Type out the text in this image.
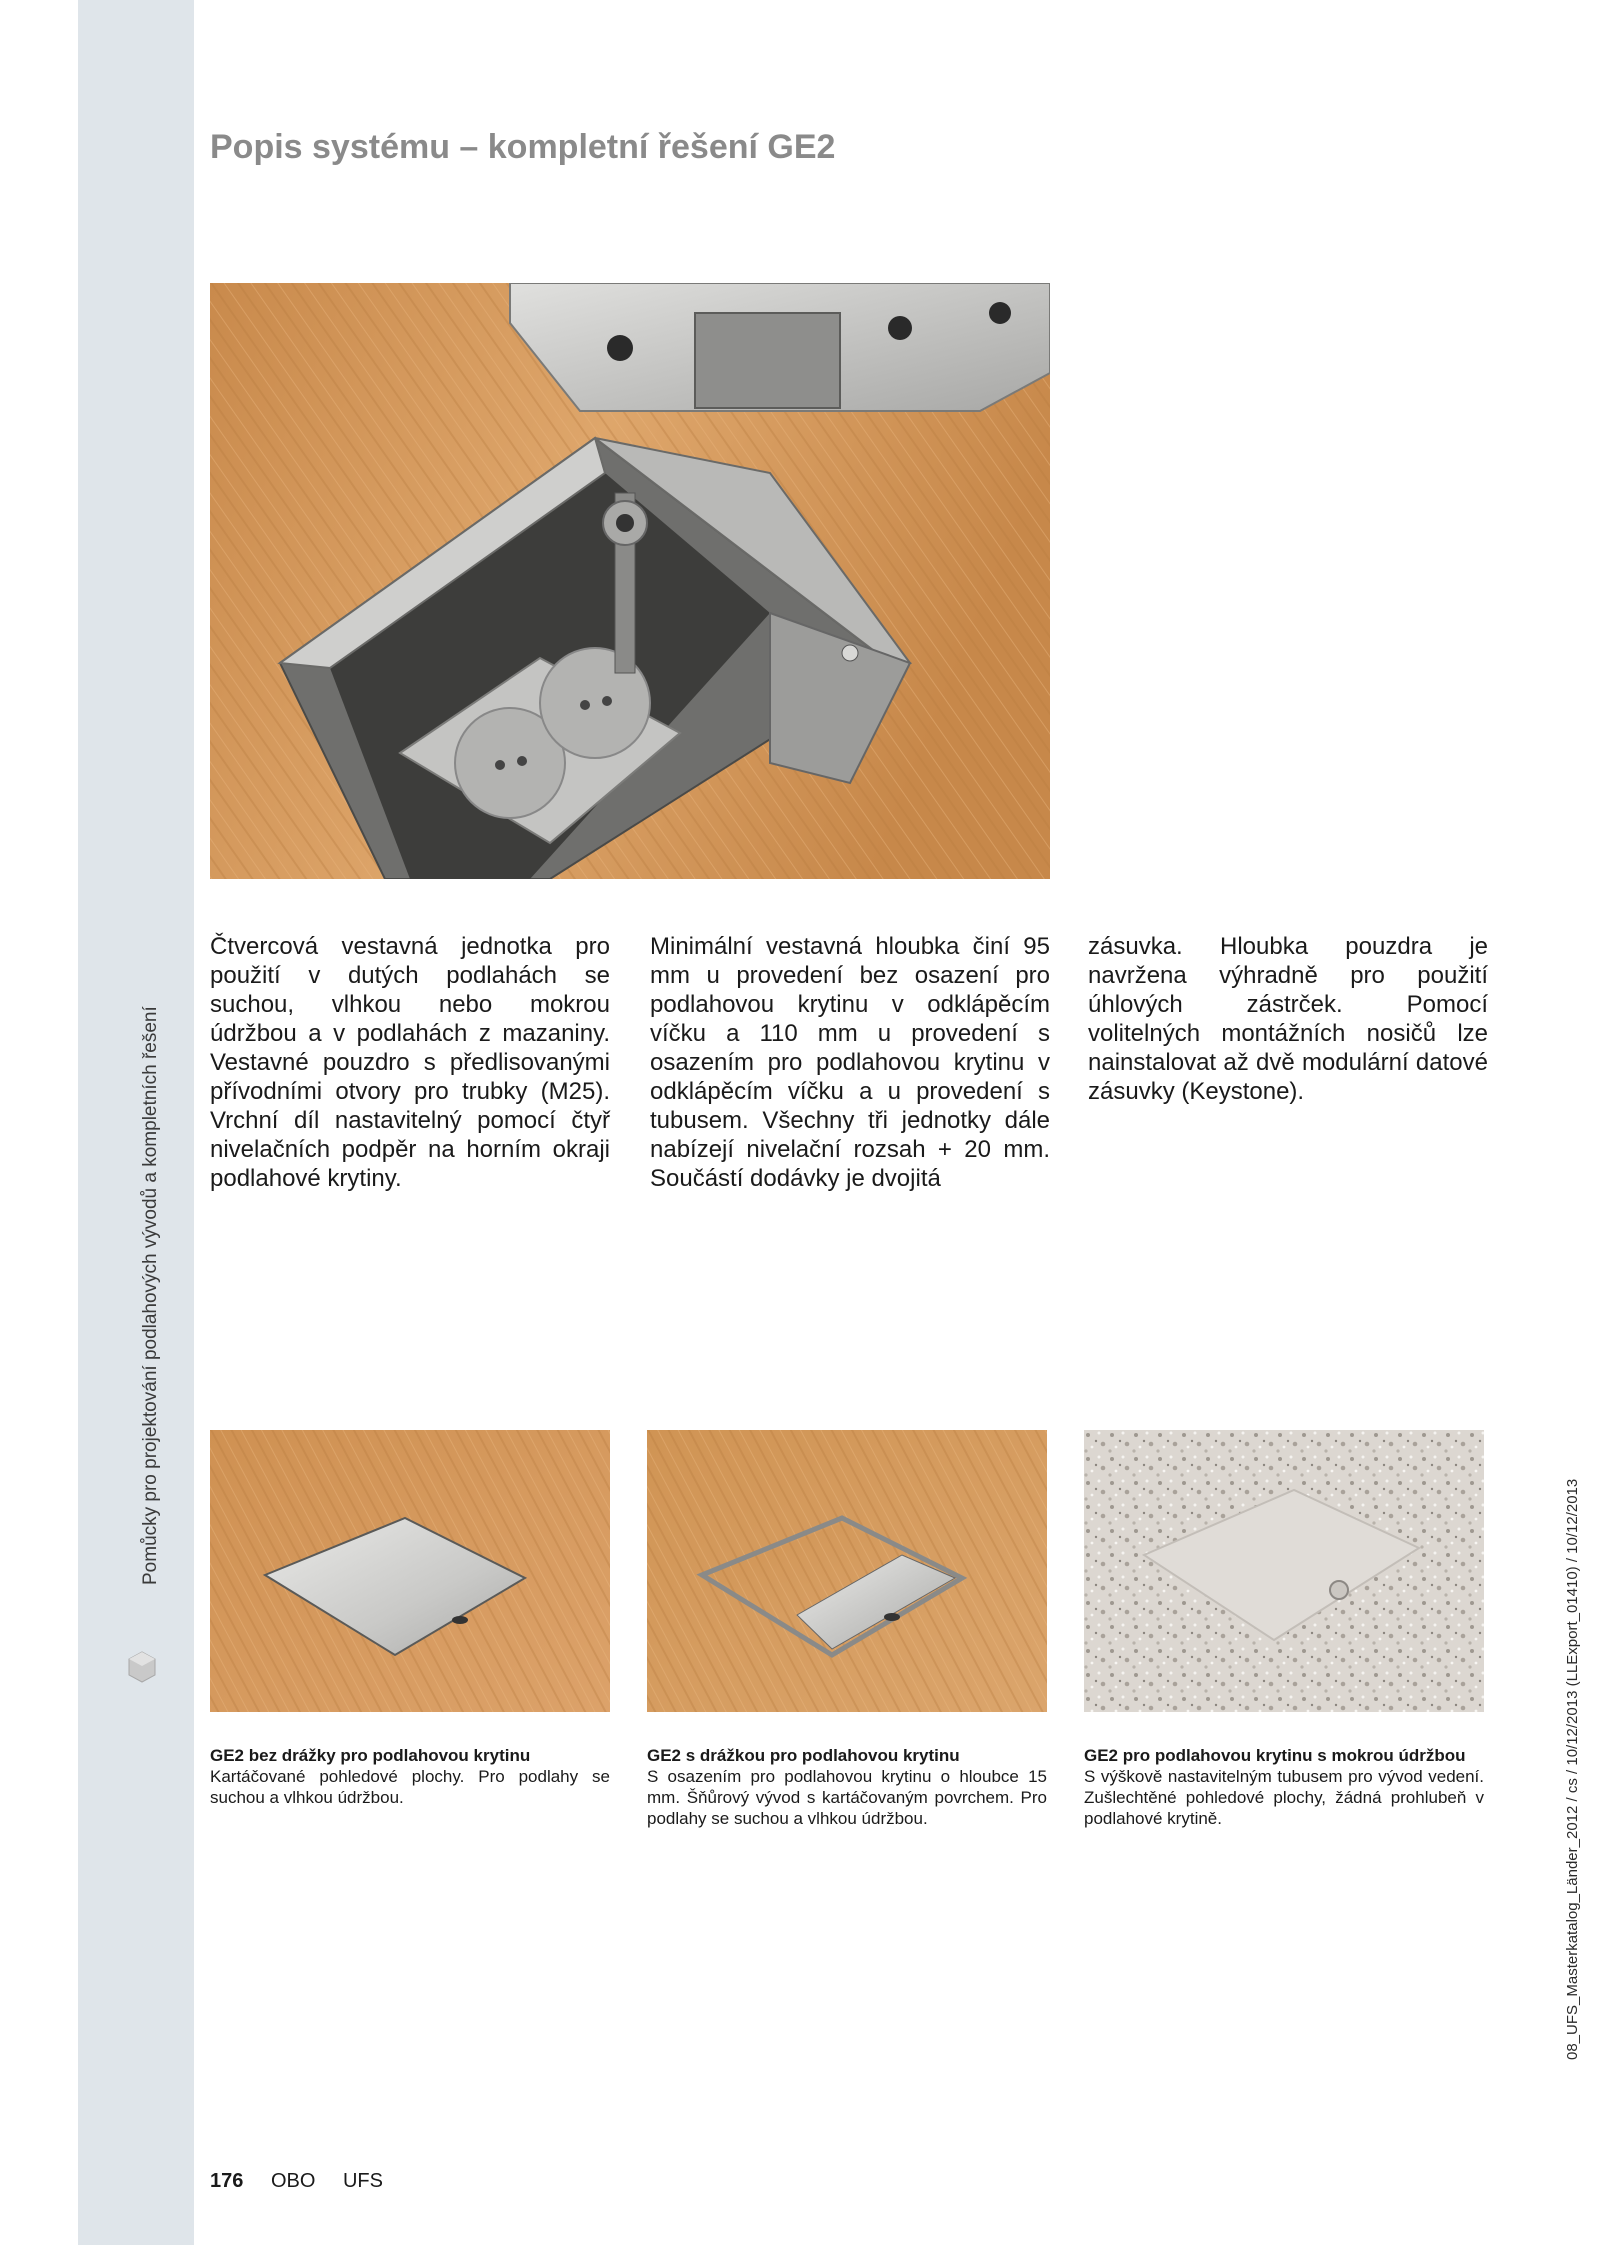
Pomůcky pro projektování podlahových vývodů a kompletních řešení
Popis systému – kompletní řešení GE2

Čtvercová vestavná jednotka pro použití v dutých podlahách se suchou, vlhkou nebo mokrou údržbou a v podlahách z mazaniny. Vestavné pouzdro s předlisovanými přívodními otvory pro trubky (M25). Vrchní díl nastavitelný pomocí čtyř nivelačních podpěr na horním okraji podlahové krytiny.

Minimální vestavná hloubka činí 95 mm u provedení bez osazení pro podlahovou krytinu v odklápěcím víčku a 110 mm u provedení s osazením pro podlahovou krytinu v odklápěcím víčku a u provedení s tubusem. Všechny tři jednotky dále nabízejí nivelační rozsah + 20 mm. Součástí dodávky je dvojitá

zásuvka. Hloubka pouzdra je navržena výhradně pro použití úhlových zástrček. Pomocí volitelných montážních nosičů lze nainstalovat až dvě modulární datové zásuvky (Keystone).

GE2 bez drážky pro podlahovou krytinu

Kartáčované pohledové plochy. Pro podlahy se suchou a vlhkou údržbou.

GE2 s drážkou pro podlahovou krytinu

S osazením pro podlahovou krytinu o hloubce 15 mm. Šňůrový vývod s kartáčovaným povrchem. Pro podlahy se suchou a vlhkou údržbou.

GE2 pro podlahovou krytinu s mokrou údržbou

S výškově nastavitelným tubusem pro vývod vedení. Zušlechtěné pohledové plochy, žádná prohlubeň v podlahové krytině.

176 OBO UFS
08_UFS_Masterkatalog_Länder_2012 / cs / 10/12/2013 (LLExport_01410) / 10/12/2013
